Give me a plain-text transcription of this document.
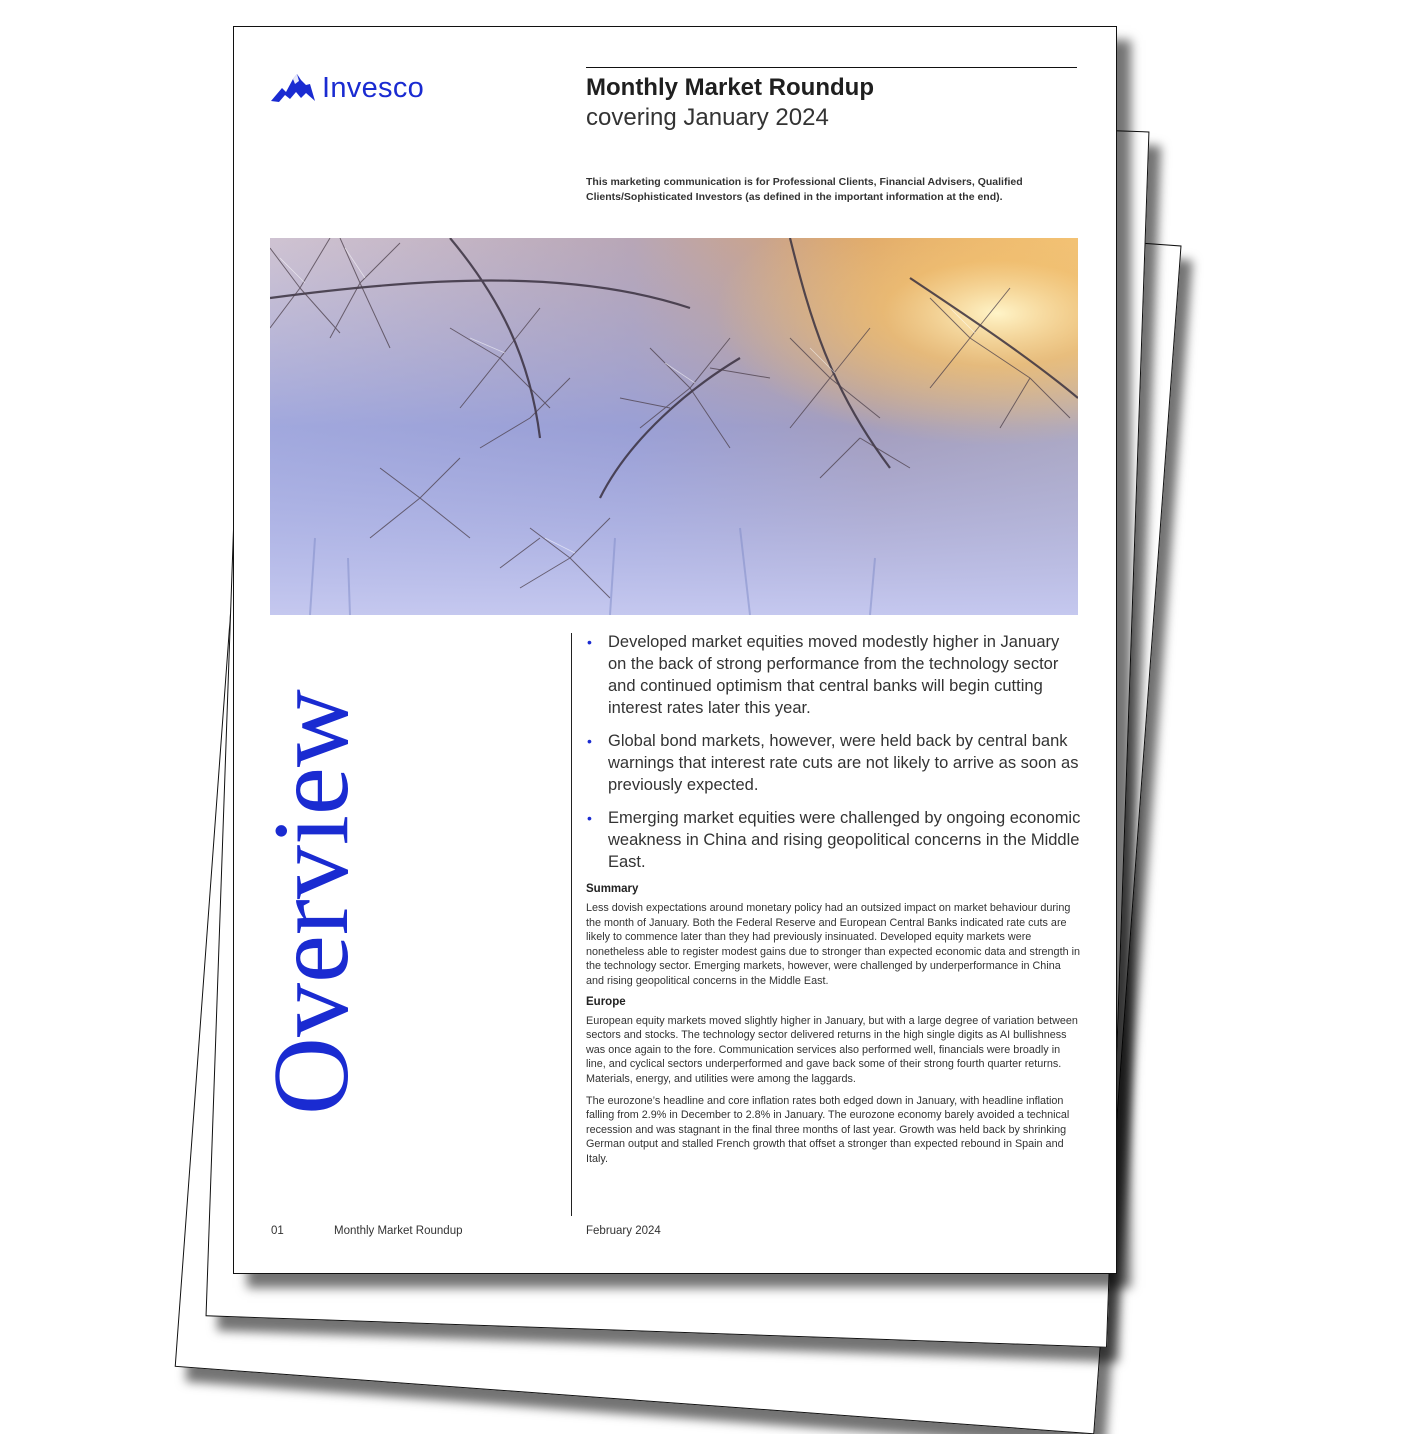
Invesco	Monthly Market Roundup
covering January 2024
This marketing communication is for Professional Clients, Financial Advisers, Qualified Clients/Sophisticated Investors (as defined in the important information at the end).
Overview
• Developed market equities moved modestly higher in January on the back of strong performance from the technology sector and continued optimism that central banks will begin cutting interest rates later this year.
• Global bond markets, however, were held back by central bank warnings that interest rate cuts are not likely to arrive as soon as previously expected.
• Emerging market equities were challenged by ongoing economic weakness in China and rising geopolitical concerns in the Middle East.
Summary

Less dovish expectations around monetary policy had an outsized impact on market behaviour during the month of January. Both the Federal Reserve and European Central Banks indicated rate cuts are likely to commence later than they had previously insinuated. Developed equity markets were nonetheless able to register modest gains due to stronger than expected economic data and strength in the technology sector. Emerging markets, however, were challenged by underperformance in China and rising geopolitical concerns in the Middle East.

Europe

European equity markets moved slightly higher in January, but with a large degree of variation between sectors and stocks. The technology sector delivered returns in the high single digits as AI bullishness was once again to the fore. Communication services also performed well, financials were broadly in line, and cyclical sectors underperformed and gave back some of their strong fourth quarter returns. Materials, energy, and utilities were among the laggards.

The eurozone’s headline and core inflation rates both edged down in January, with headline inflation falling from 2.9% in December to 2.8% in January. The eurozone economy barely avoided a technical recession and was stagnant in the final three months of last year. Growth was held back by shrinking German output and stalled French growth that offset a stronger than expected rebound in Spain and Italy.

01	Monthly Market Roundup	February 2024
